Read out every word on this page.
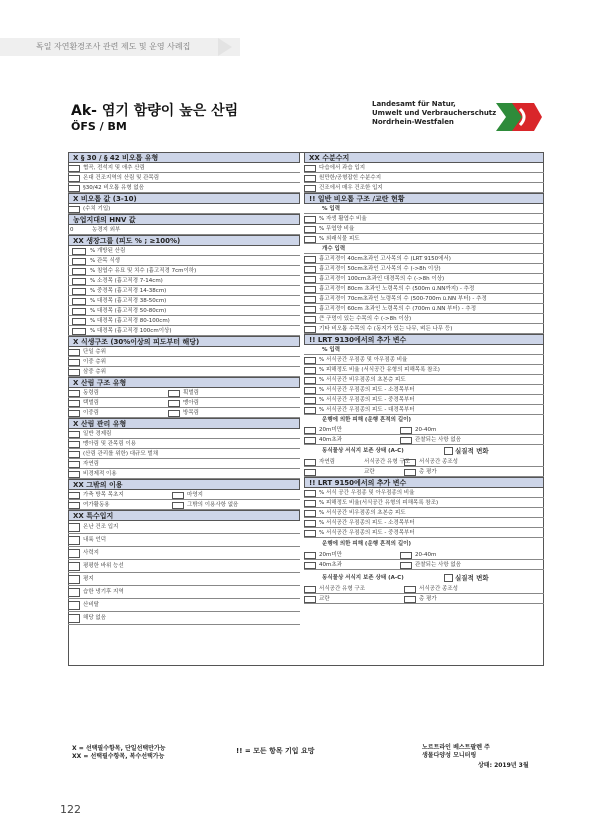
독일 자연환경조사 관련 제도 및 운영 사례집
Ak- 염기 함량이 높은 산림
ÖFS / BM
Landesamt für Natur,
Umwelt und Verbraucherschutz
Nordrhein-Westfalen
X § 30 / § 42 비오톱 유형
협곡, 전석지 및 애추 산림
온대 건조지역의 산림 및 관목림
§30/42 비오톱 유형 없음
X 비오톱 값 (3-10)
(수치 기입)
농업지대의 HNV 값
0	농경지 외부
XX 생장그룹 (피도 % ; ≥100%)
% 개방된 산림
% 관목 식생
% 침엽수 유묘 및 치수 (흉고직경 7cm이하)
% 소경목 (흉고직경 7-14cm)
% 중경목 (흉고직경 14-38cm)
% 대경목 (흉고직경 38-50cm)
% 대경목 (흉고직경 50-80cm)
% 대경목 (흉고직경 80-100cm)
% 대경목 (흉고직경 100cm이상)
X 식생구조 (30%이상의 피도부터 해당)
단일 층위
이중 층위
삼중 층위
X 산림 구조 유형
동령림	획벌림
택벌림	맹아림
이중림	방목림
X 산림 관리 유형
일반 경제림
맹아림 및 관목림 이용
(산림 관리를 위한) 대규모 벌채
자연림
비경제적 이용
XX 그밖의 이용
가축 방목 목초지	마영지
여가활동용	그밖의 이용사항 없음
XX 특수입지
온난 건조 입지
내륙 언덕
사력지
평평한 바위 능선
평지
습한 냉기후 지역
산비탈
해당 없음
XX 수분수지
다습에서 과습 입지
원만한/공형잡힌 수분수지
건조에서 매우 건조한 입지
!! 일반 비오톱 구조 /교란 현황
% 입력
% 자생 활엽수 비율
% 무엽양 비율
% 외래식물 피도
개수 입력
흉고직경이 40cm초과인 고사목의 수 (LRT 9150에서)
흉고직경이 50cm초과인 고사목의 수 (->8h 이상)
흉고직경이 100cm초과인 대경목의 수 (->8h 이상)
흉고직경이 80cm 초과인 노령목의 수 (500m ü.NN까지) - 추정
흉고직경이 70cm초과인 노령목의 수 (500-700m ü.NN 부터) - 추정
흉고직경이 60cm 초과인 노령목의 수 (700m ü.NN 부터) - 추정
큰 구멍이 있는 수목의 수 (->8h 이상)
기타 비오톱 수목의 수 (동지가 있는 나무, 벼든 나무 등)
!! LRT 9130에서의 추가 변수
% 입력
% 서식공간 우점종 및 아우점종 비율
% 피해정도 비율 (서식공간 유형의 피해목록 참조)
% 서식공간 비우점종의 초본층 피도
% 서식공간 우점종의 피도 - 소경목부터
% 서식공간 우점종의 피도 - 중경목부터
% 서식공간 우점종의 피도 - 대경목부터
운행에 의한 피해 (운행 흔적의 길이)
20m미만	20-40m
40m초과	관찰되는 사항 없음
동식물상 서식지 보존 상태 (A-C)	실질적 변화
자연림	서식공간 유형 구조	서식공간 종조성
교란	총 평가
!! LRT 9150에서의 추가 변수
% 서식 공간 우점종 및 아우점종의 비율
% 피해정도 비율(서식공간 유형의 피해목록 참조)
% 서식공간 비우점종의 초본층 피도
% 서식공간 우점종의 피도 - 소경목부터
% 서식공간 우점종의 피도 - 중경목부터
운행에 의한 피해 (운행 흔적의 길이)
20m미만	20-40m
40m초과	관찰되는 사항 없음
동식물상 서식지 보존 상태 (A-C)	실질적 변화
서식공간 유형 구조	서식공간 종조성
교란	총 평가
X = 선택필수항목, 단일선택만가능
XX = 선택필수항목, 복수선택가능
!! = 모든 항목 기입 요망	노르트라인 베스트팔렌 주
생물다양성 모니터링
상태: 2019년 3월
122
